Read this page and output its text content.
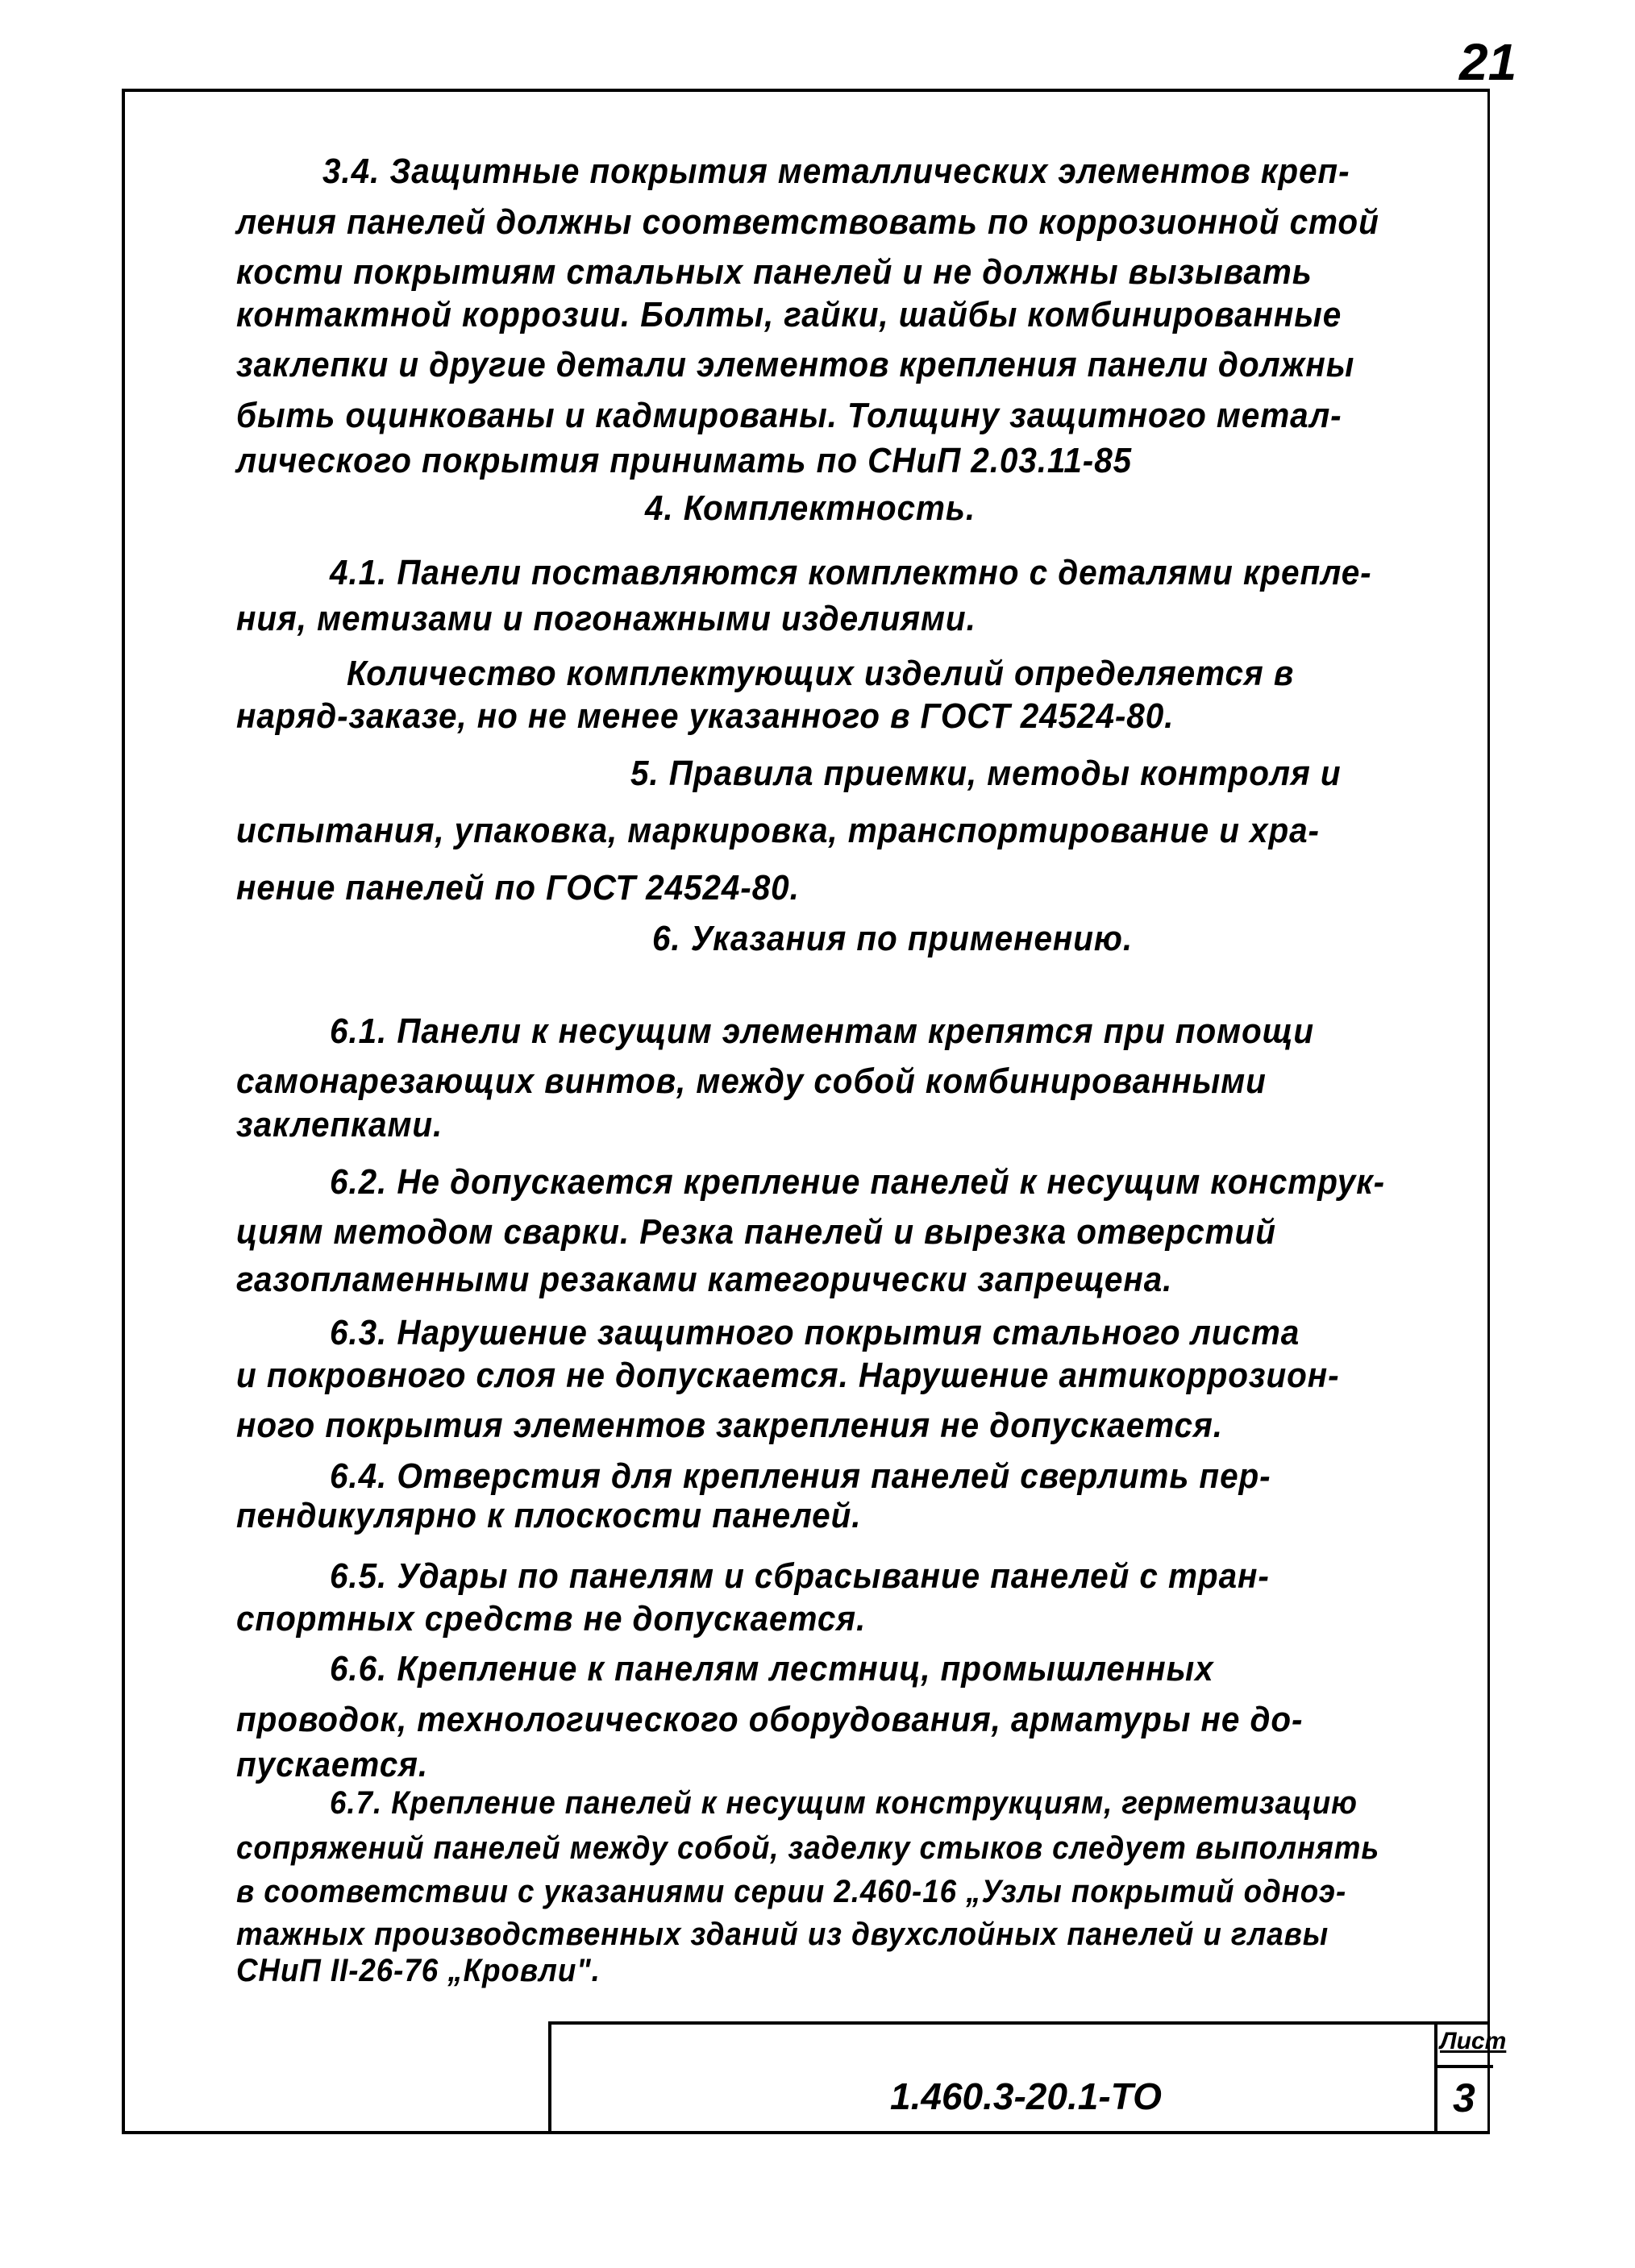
21
3.4. Защитные покрытия металлических элементов креп-
ления панелей должны соответствовать по коррозионной стой
кости покрытиям стальных панелей и не должны вызывать
контактной коррозии. Болты, гайки, шайбы комбинированные
заклепки и другие детали элементов крепления панели должны
быть оцинкованы и кадмированы. Толщину защитного метал-
лического покрытия принимать по СНиП 2.03.11-85
4. Комплектность.
4.1. Панели поставляются комплектно с деталями крепле-
ния, метизами и погонажными изделиями.
Количество комплектующих изделий определяется в
наряд-заказе, но не менее указанного в ГОСТ 24524-80.
5. Правила приемки, методы контроля и
испытания, упаковка, маркировка, транспортирование и хра-
нение панелей по ГОСТ 24524-80.
6. Указания по применению.
6.1. Панели к несущим элементам крепятся при помощи
самонарезающих винтов, между собой комбинированными
заклепками.
6.2. Не допускается крепление панелей к несущим конструк-
циям методом сварки. Резка панелей и вырезка отверстий
газопламенными резаками категорически запрещена.
6.3. Нарушение защитного покрытия стального листа
и покровного слоя не допускается. Нарушение антикоррозион-
ного покрытия элементов закрепления не допускается.
6.4. Отверстия для крепления панелей сверлить пер-
пендикулярно к плоскости панелей.
6.5. Удары по панелям и сбрасывание панелей с тран-
спортных средств не допускается.
6.6. Крепление к панелям лестниц, промышленных
проводок, технологического оборудования, арматуры не до-
пускается.
6.7. Крепление панелей к несущим конструкциям, герметизацию
сопряжений панелей между собой, заделку стыков следует выполнять
в соответствии с указаниями серии 2.460-16 „Узлы покрытий одноэ-
тажных производственных зданий из двухслойных панелей и главы
СНиП II-26-76 „Кровли".
1.460.3-20.1-ТО
Лист
3
